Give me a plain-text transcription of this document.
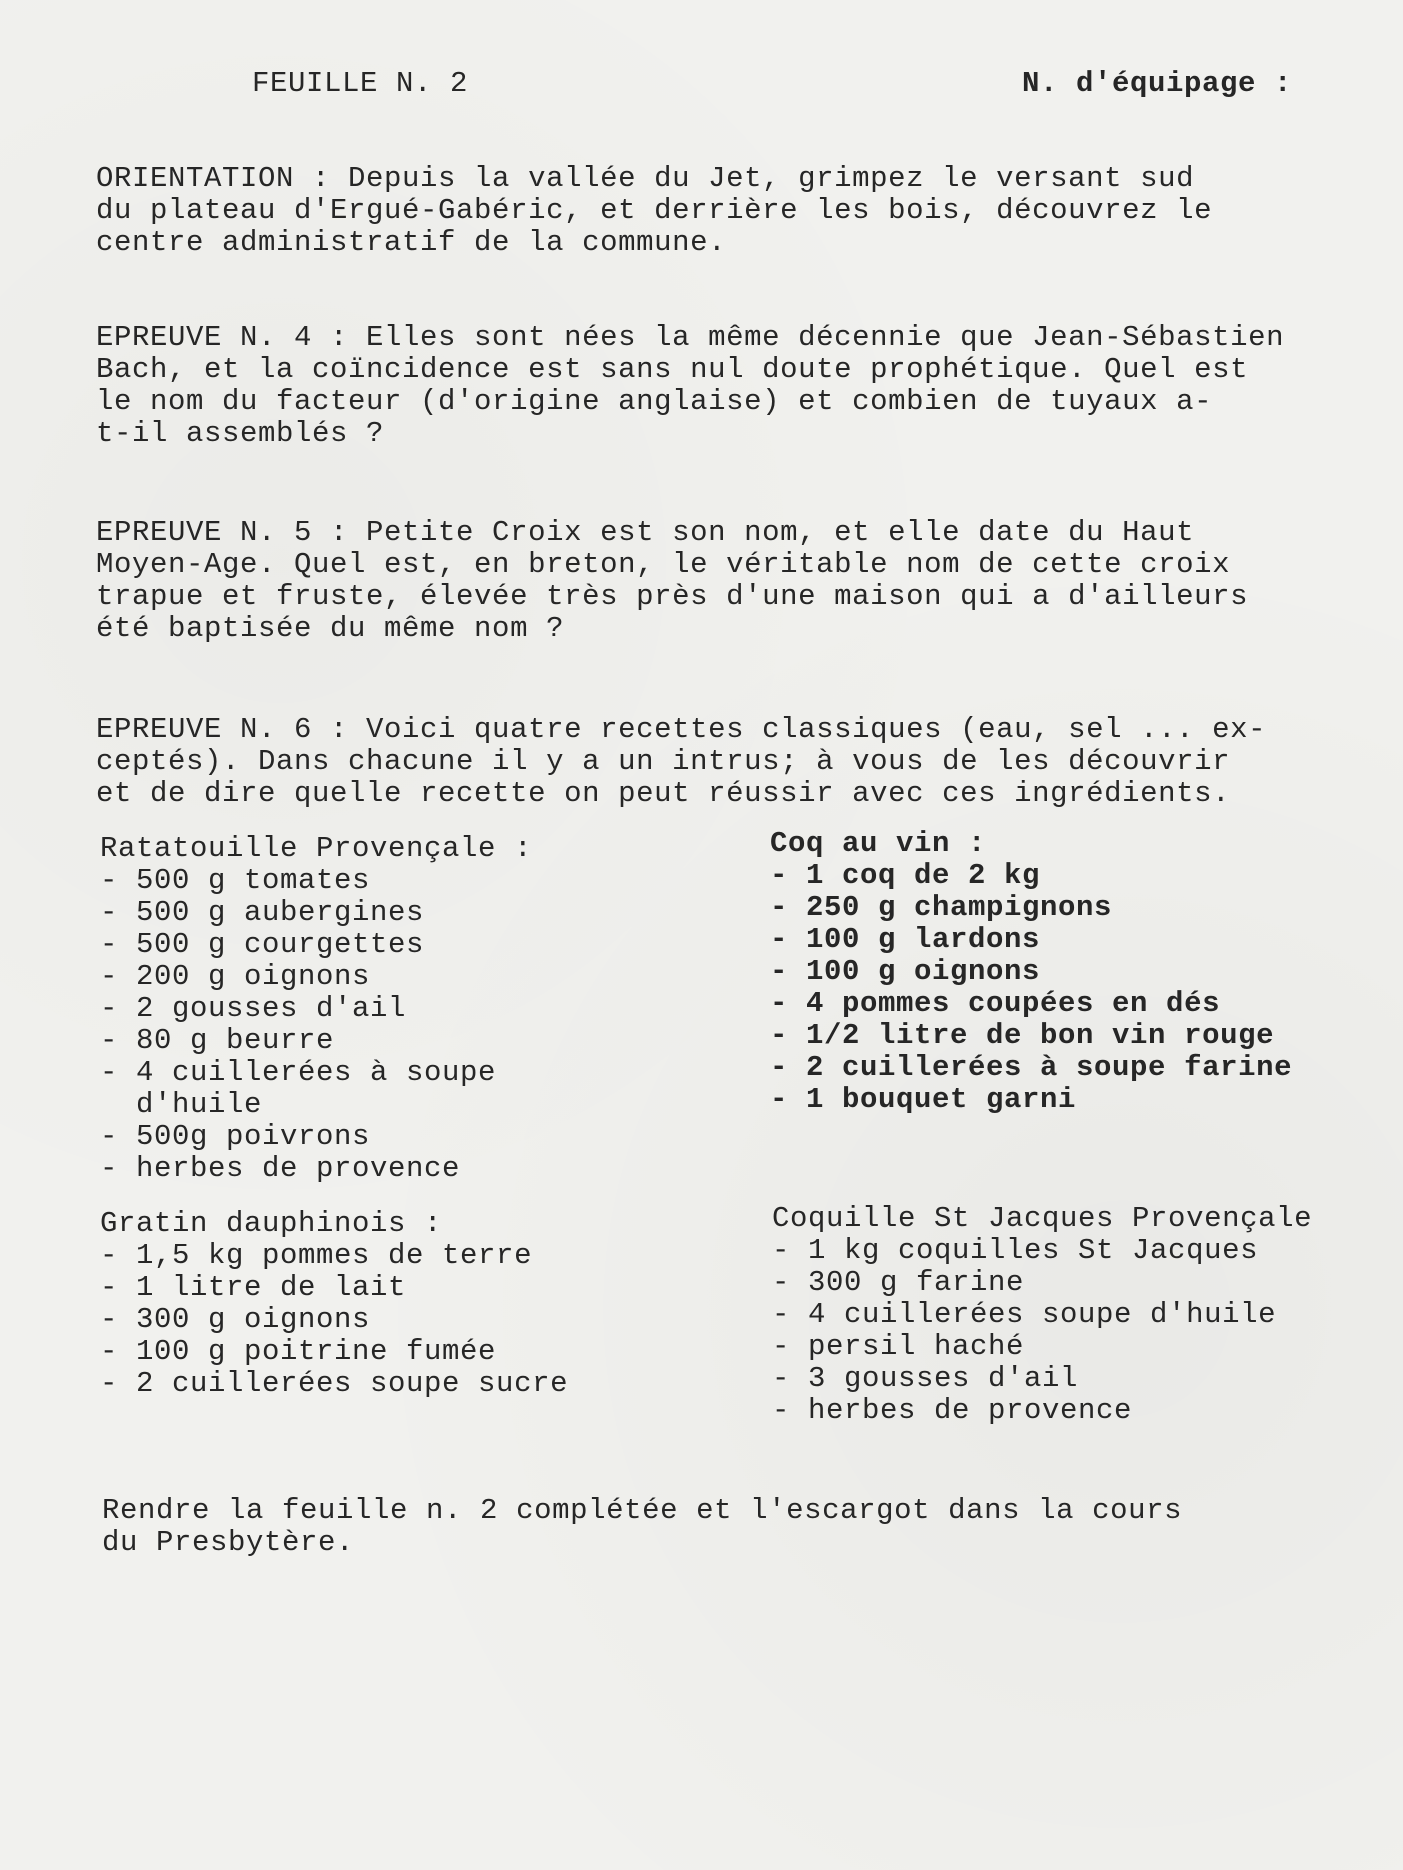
FEUILLE N. 2	N. d'équipage :

ORIENTATION : Depuis la vallée du Jet, grimpez le versant sud

du plateau d'Ergué-Gabéric, et derrière les bois, découvrez le

centre administratif de la commune.

EPREUVE N. 4 : Elles sont nées la même décennie que Jean-Sébastien

Bach, et la coïncidence est sans nul doute prophétique. Quel est

le nom du facteur (d'origine anglaise) et combien de tuyaux a-

t-il assemblés ?

EPREUVE N. 5 : Petite Croix est son nom, et elle date du Haut

Moyen-Age. Quel est, en breton, le véritable nom de cette croix

trapue et fruste, élevée très près d'une maison qui a d'ailleurs

été baptisée du même nom ?

EPREUVE N. 6 : Voici quatre recettes classiques (eau, sel ... ex-

ceptés). Dans chacune il y a un intrus; à vous de les découvrir

et de dire quelle recette on peut réussir avec ces ingrédients.

Ratatouille Provençale :

- 500 g tomates

- 500 g aubergines

- 500 g courgettes

- 200 g oignons

- 2 gousses d'ail

- 80 g beurre

- 4 cuillerées à soupe

d'huile

- 500g poivrons

- herbes de provence

Coq au vin :

- 1 coq de 2 kg

- 250 g champignons

- 100 g lardons

- 100 g oignons

- 4 pommes coupées en dés

- 1/2 litre de bon vin rouge

- 2 cuillerées à soupe farine

- 1 bouquet garni

Gratin dauphinois :

- 1,5 kg pommes de terre

- 1 litre de lait

- 300 g oignons

- 100 g poitrine fumée

- 2 cuillerées soupe sucre

Coquille St Jacques Provençale

- 1 kg coquilles St Jacques

- 300 g farine

- 4 cuillerées soupe d'huile

- persil haché

- 3 gousses d'ail

- herbes de provence

Rendre la feuille n. 2 complétée et l'escargot dans la cours

du Presbytère.
